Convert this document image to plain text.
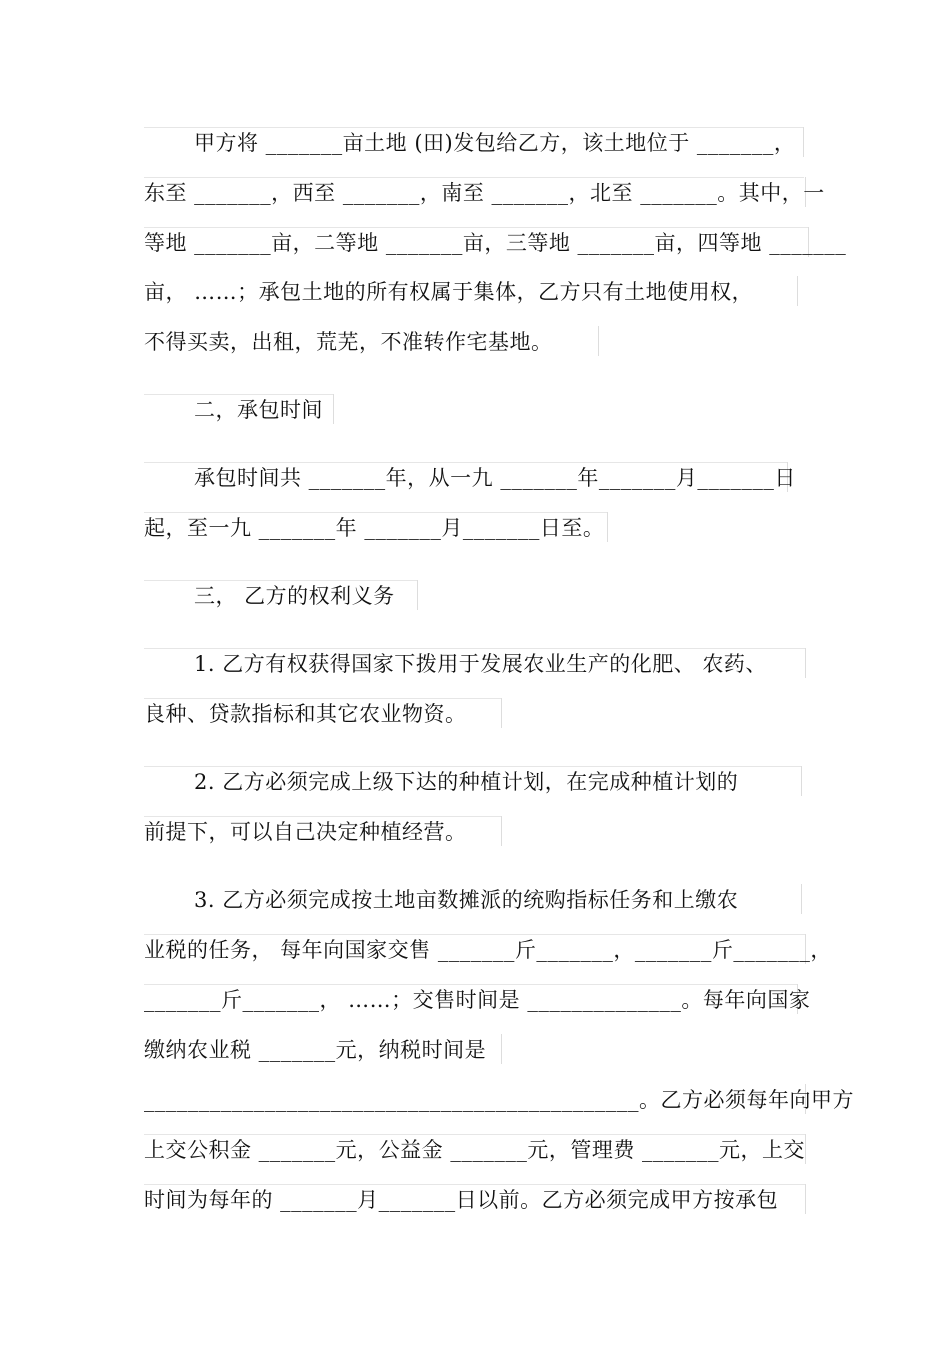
甲方将 _______亩土地 (田)发包给乙方，该土地位于 _______，
东至 _______，西至 _______，南至 _______，北至 _______。其中，一
等地 _______亩，二等地 _______亩，三等地 _______亩，四等地 _______
亩， ……；承包土地的所有权属于集体，乙方只有土地使用权，
不得买卖，出租，荒芜，不准转作宅基地。
二，承包时间
承包时间共 _______年，从一九 _______年_______月_______日
起，至一九 _______年 _______月_______日至。
三， 乙方的权利义务
1. 乙方有权获得国家下拨用于发展农业生产的化肥、 农药、
良种、贷款指标和其它农业物资。
2. 乙方必须完成上级下达的种植计划，在完成种植计划的
前提下，可以自己决定种植经营。
3. 乙方必须完成按土地亩数摊派的统购指标任务和上缴农
业税的任务， 每年向国家交售 _______斤_______，_______斤_______，
_______斤_______， ……；交售时间是 ______________。每年向国家
缴纳农业税 _______元，纳税时间是
_____________________________________________。乙方必须每年向甲方
上交公积金 _______元，公益金 _______元，管理费 _______元，上交
时间为每年的 _______月_______日以前。乙方必须完成甲方按承包
